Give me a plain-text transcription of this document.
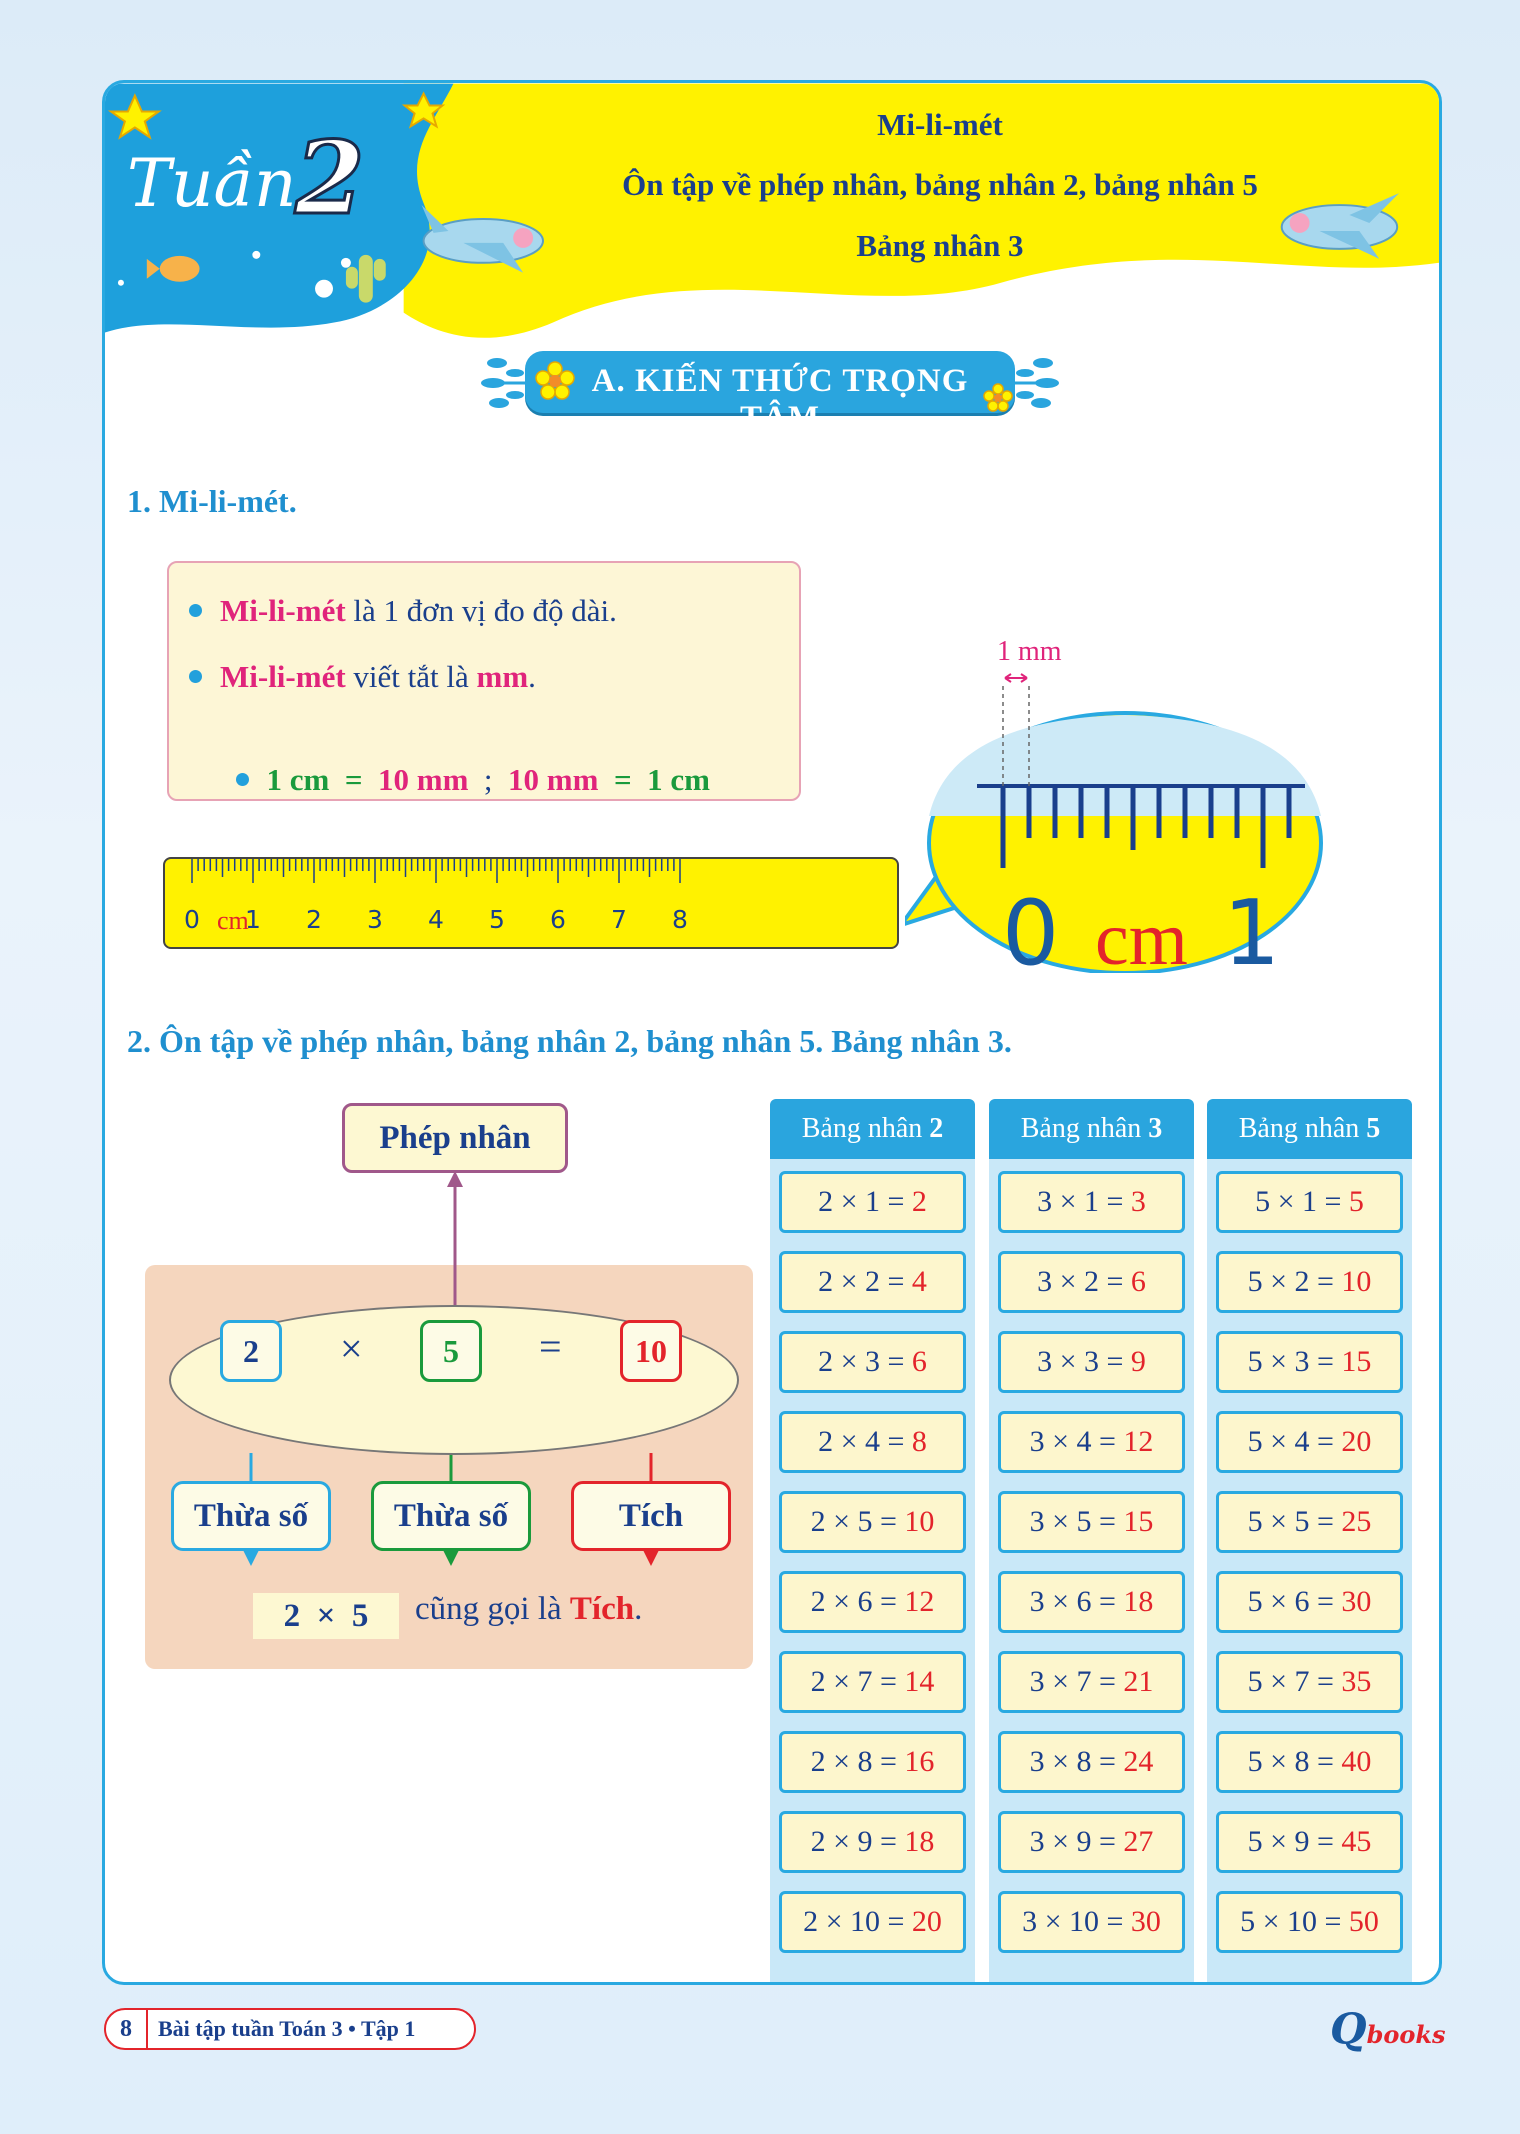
Tuần
2	Mi-li-mét
Ôn tập về phép nhân, bảng nhân 2, bảng nhân 5
Bảng nhân 3
A. KIẾN THỨC TRỌNG TÂM
1. Mi-li-mét.
Mi-li-mét là 1 đơn vị đo độ dài.
Mi-li-mét viết tắt là mm.

1 cm  =  10 mm  ;  10 mm  =  1 cm

cm
0 1 2 3 4 5 6 7 8
1 mm
0 cm 1
2. Ôn tập về phép nhân, bảng nhân 2, bảng nhân 5. Bảng nhân 3.
Phép nhân
2	×	5	=	10
Thừa số	Thừa số	Tích
2  ×  5	cũng gọi là Tích.
Bảng nhân 2
2 × 1 = 2
2 × 2 = 4
2 × 3 = 6
2 × 4 = 8
2 × 5 = 10
2 × 6 = 12
2 × 7 = 14
2 × 8 = 16
2 × 9 = 18
2 × 10 = 20
Bảng nhân 3
3 × 1 = 3
3 × 2 = 6
3 × 3 = 9
3 × 4 = 12
3 × 5 = 15
3 × 6 = 18
3 × 7 = 21
3 × 8 = 24
3 × 9 = 27
3 × 10 = 30
Bảng nhân 5
5 × 1 = 5
5 × 2 = 10
5 × 3 = 15
5 × 4 = 20
5 × 5 = 25
5 × 6 = 30
5 × 7 = 35
5 × 8 = 40
5 × 9 = 45
5 × 10 = 50
8	Bài tập tuần Toán 3 • Tập 1	Qbooks
